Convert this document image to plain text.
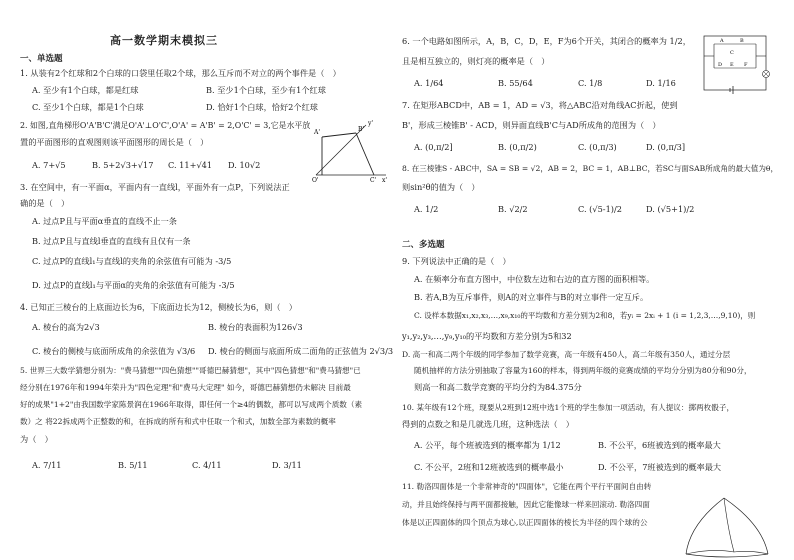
高一数学期末模拟三
一、单选题
1. 从装有2个红球和2个白球的口袋里任取2个球，那么互斥而不对立的两个事件是（　）
A. 至少有1个白球，都是红球	B. 至少1个白球，至少有1个红球
C. 至少1个白球，都是1个白球	D. 恰好1个白球，恰好2个红球
2. 如图,直角梯形O'A'B'C'满足O'A'⊥O'C',O'A' = A'B' = 2,O'C' = 3,它是水平放
置的平面图形的直观图则该平面图形的周长是（　）
A. 7+√5	B. 5+2√3+√17 C. 11+√41 D. 10√2
A'	B'
O'	C' x'
y'
3. 在空间中，有一平面α，平面内有一直线l，平面外有一点P，下列说法正
确的是（　）
A. 过点P且与平面α垂直的直线不止一条
B. 过点P且与直线l垂直的直线有且仅有一条
C. 过点P的直线l₁与直线l的夹角的余弦值有可能为 -3/5
D. 过点P的直线l₁与平面α的夹角的余弦值有可能为 -3/5
4. 已知正三棱台的上底面边长为6，下底面边长为12，侧棱长为6，则（　）
A. 棱台的高为2√3	B. 棱台的表面积为126√3
C. 棱台的侧棱与底面所成角的余弦值为 √3/6 D. 棱台的侧面与底面所成二面角的正弦值为 2√3/3
5. 世界三大数学猜想分别为："费马猜想""四色猜想""哥德巴赫猜想"，其中"四色猜想"和"费马猜想"已
经分别在1976年和1994年荣升为"四色定理"和"费马大定理" 如今，哥德巴赫猜想仍未解决 目前最
好的成果"1+2"由我国数学家陈景润在1966年取得，即任何一个≥4的偶数，都可以写成两个质数（素
数）之 将22拆成两个正整数的和，在拆成的所有和式中任取一个和式，加数全部为素数的概率
为（　）
A. 7/11	B. 5/11	C. 4/11	D. 3/11
6. 一个电路如图所示，A，B，C，D，E，F为6个开关，其闭合的概率为 1/2，
且是相互独立的，则灯亮的概率是（　）
A. 1/64	B. 55/64	C. 1/8	D. 1/16
A	B
C
D E F
7. 在矩形ABCD中，AB = 1，AD = √3，将△ABC沿对角线AC折起，使到
B'，形成三棱锥B' - ACD，则异面直线B'C与AD所成角的范围为（　）
A. (0,π/2]	B. (0,π/2)	C. (0,π/3)	D. (0,π/3]
8. 在三棱锥S - ABC中，SA = SB = √2，AB = 2，BC = 1，AB⊥BC，若SC与面SAB所成角的最大值为θ，
则sin²θ的值为（　）
A. 1/2	B. √2/2	C. (√5-1)/2	D. (√5+1)/2
二、多选题
9. 下列说法中正确的是（　）
A. 在频率分布直方图中，中位数左边和右边的直方图的面积相等。
B. 若A,B为互斥事件，则A的对立事件与B的对立事件一定互斥。
C. 设样本数据x₁,x₂,x₃,…,x₉,x₁₀的平均数和方差分别为2和8，若yᵢ = 2xᵢ + 1 (i = 1,2,3,…,9,10)，则
y₁,y₂,y₃,…,y₉,y₁₀的平均数和方差分别为5和32
D. 高一和高二两个年级的同学参加了数学竞赛，高一年级有450人，高二年级有350人，通过分层
随机抽样的方法分别抽取了容量为160的样本，得到两年级的竞赛成绩的平均分分别为80分和90分，
则高一和高二数学竞赛的平均分约为84.375分
10. 某年级有12个班，现要从2班到12班中选1个班的学生参加一项活动，有人提议：掷两枚骰子，
得到的点数之和是几就选几班，这种选法（　）
A. 公平，每个班被选到的概率都为 1/12	B. 不公平，6班被选到的概率最大
C. 不公平，2班和12班被选到的概率最小	D. 不公平，7班被选到的概率最大
11. 勒洛四面体是一个非常神奇的"四面体"，它能在两个平行平面间自由转
动，并且始终保持与两平面都接触，因此它能像球一样来回滚动. 勒洛四面
体是以正四面体的四个顶点为球心,以正四面体的棱长为半径的四个球的公
